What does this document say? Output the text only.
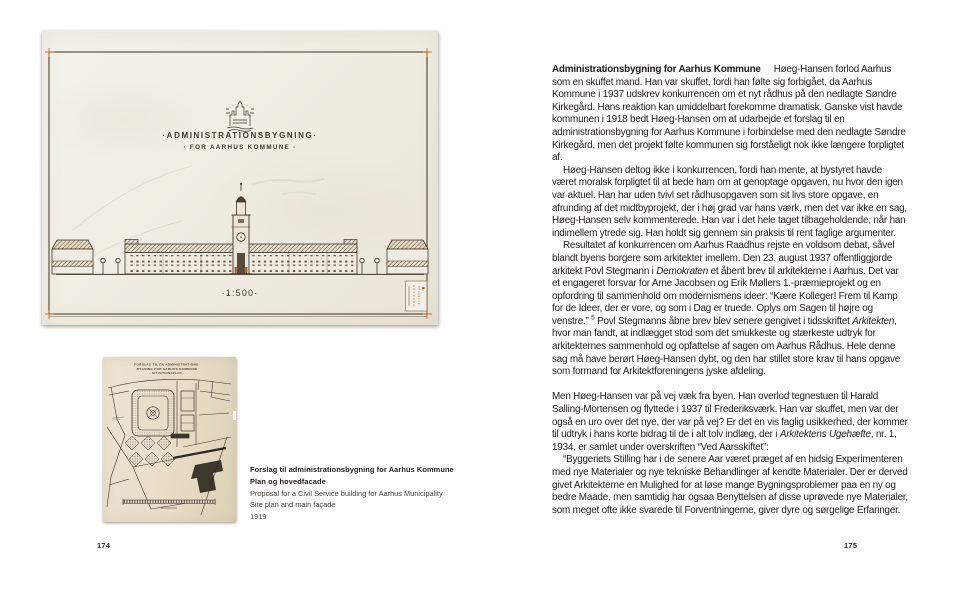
·ADMINISTRATIONSBYGNING·
· FOR AARHUS KOMMUNE ·
·1:500·
FORSLAG TIL EN ADMINISTRATIONS-
BYGNING FOR AARHUS KOMMUNE
· SITUATIONSPLAN ·
Forslag til administrationsbygning for Aarhus Kommune
Plan og hovedfacade
Proposal for a Civil Service building for Aarhus Municipality
Site plan and main façade
1919
174

Administrationsbygning for Aarhus Kommune Høeg-Hansen forlod Aarhus som en skuffet mand. Han var skuffet, fordi han følte sig forbigået, da Aarhus Kommune i 1937 udskrev konkurrencen om et nyt rådhus på den nedlagte Søndre Kirkegård. Hans reaktion kan umiddelbart forekomme dramatisk. Ganske vist havde kommunen i 1918 bedt Høeg-Hansen om at udarbejde et forslag til en administrationsbygning for Aarhus Kommune i forbindelse med den nedlagte Søndre Kirkegård, men det projekt følte kommunen sig forståeligt nok ikke længere forpligtet af.

Høeg-Hansen deltog ikke i konkurrencen, fordi han mente, at bystyret havde været moralsk forpligtet til at bede ham om at genoptage opgaven, nu hvor den igen var aktuel. Han har uden tvivl set rådhusopgaven som sit livs store opgave, en afrunding af det midtbyprojekt, der i høj grad var hans værk, men det var ikke en sag, Høeg-Hansen selv kommenterede. Han var i det hele taget tilbageholdende, når han indimellem ytrede sig. Han holdt sig gennem sin praksis til rent faglige argumenter.

Resultatet af konkurrencen om Aarhus Raadhus rejste en voldsom debat, såvel blandt byens borgere som arkitekter imellem. Den 23. august 1937 offentliggjorde arkitekt Povl Stegmann i Demokraten et åbent brev til arkitekterne i Aarhus. Det var et engageret forsvar for Arne Jacobsen og Erik Møllers 1.-præmieprojekt og en opfordring til sammenhold om modernismens ideer: “Kære Kolleger! Frem til Kamp for de Ideer, der er vore, og som i Dag er truede. Oplys om Sagen til højre og venstre.” $^5$ Povl Stegmanns åbne brev blev senere gengivet i tidsskriftet Arkitekten, hvor man fandt, at indlægget stod som det smukkeste og stærkeste udtryk for arkitekternes sammenhold og opfattelse af sagen om Aarhus Rådhus. Hele denne sag må have berørt Høeg-Hansen dybt, og den har stillet store krav til hans opgave som formand for Arkitektforeningens jyske afdeling.

Men Høeg-Hansen var på vej væk fra byen. Han overlod tegnestuen til Harald Salling-Mortensen og flyttede i 1937 til Frederiksværk. Han var skuffet, men var der også en uro over det nye, der var på vej? Er det en vis faglig usikkerhed, der kommer til udtryk i hans korte bidrag til de i alt tolv indlæg, der i Arkitektens Ugehæfte, nr. 1, 1934, er samlet under overskriften “Ved Aarsskiftet”:

“Byggeriets Stilling har i de senere Aar været præget af en hidsig Experimenteren med nye Materialer og nye tekniske Behandlinger af kendte Materialer. Der er derved givet Arkitekterne en Mulighed for at løse mange Bygningsproblemer paa en ny og bedre Maade, men samtidig har ogsaa Benyttelsen af disse uprøvede nye Materialer, som meget ofte ikke svarede til Forventningerne, giver dyre og sørgelige Erfaringer.

175
